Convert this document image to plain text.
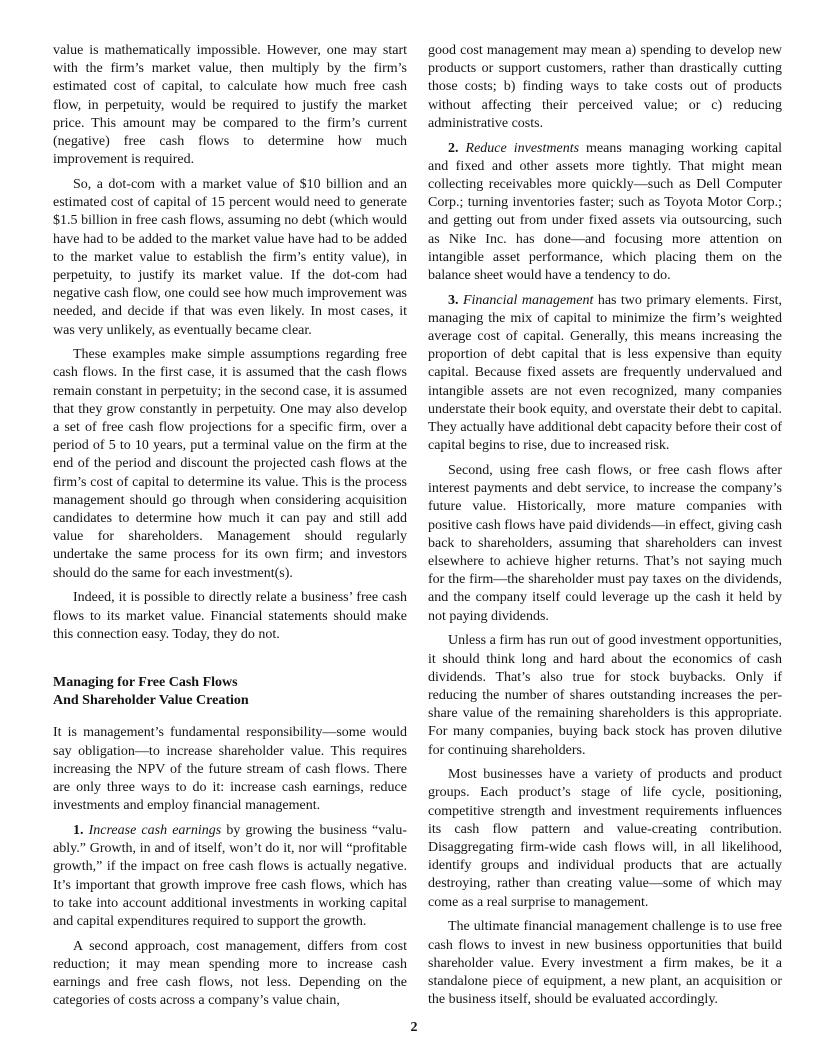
value is mathematically impossible. However, one may start with the firm’s market value, then multiply by the firm’s estimated cost of capital, to calculate how much free cash flow, in perpetuity, would be required to justify the market price. This amount may be compared to the firm’s current (negative) free cash flows to determine how much improvement is required.

So, a dot-com with a market value of $10 billion and an estimated cost of capital of 15 percent would need to generate $1.5 billion in free cash flows, assuming no debt (which would have had to be added to the market value have had to be added to the market value to establish the firm’s entity value), in perpetuity, to justify its market value. If the dot-com had negative cash flow, one could see how much improvement was needed, and decide if that was even likely. In most cases, it was very unlikely, as eventually became clear.

These examples make simple assumptions regarding free cash flows. In the first case, it is assumed that the cash flows remain constant in perpetuity; in the second case, it is assumed that they grow constantly in perpetuity. One may also develop a set of free cash flow projections for a specific firm, over a period of 5 to 10 years, put a terminal value on the firm at the end of the period and discount the projected cash flows at the firm’s cost of capital to determine its value. This is the process management should go through when considering acquisition candidates to determine how much it can pay and still add value for shareholders. Management should regularly undertake the same process for its own firm; and investors should do the same for each investment(s).

Indeed, it is possible to directly relate a business’ free cash flows to its market value. Financial statements should make this connection easy. Today, they do not.

Managing for Free Cash Flows
And Shareholder Value Creation

It is management’s fundamental responsibility—some would say obligation—to increase shareholder value. This requires increasing the NPV of the future stream of cash flows. There are only three ways to do it: increase cash earnings, reduce investments and employ financial management.

1. Increase cash earnings by growing the business “valuably.” Growth, in and of itself, won’t do it, nor will “profitable growth,” if the impact on free cash flows is actually negative. It’s important that growth improve free cash flows, which has to take into account additional investments in working capital and capital expenditures required to support the growth.

A second approach, cost management, differs from cost reduction; it may mean spending more to increase cash earnings and free cash flows, not less. Depending on the categories of costs across a company’s value chain,

good cost management may mean a) spending to develop new products or support customers, rather than drastically cutting those costs; b) finding ways to take costs out of products without affecting their perceived value; or c) reducing administrative costs.

2. Reduce investments means managing working capital and fixed and other assets more tightly. That might mean collecting receivables more quickly—such as Dell Computer Corp.; turning inventories faster; such as Toyota Motor Corp.; and getting out from under fixed assets via outsourcing, such as Nike Inc. has done—and focusing more attention on intangible asset performance, which placing them on the balance sheet would have a tendency to do.

3. Financial management has two primary elements. First, managing the mix of capital to minimize the firm’s weighted average cost of capital. Generally, this means increasing the proportion of debt capital that is less expensive than equity capital. Because fixed assets are frequently undervalued and intangible assets are not even recognized, many companies understate their book equity, and overstate their debt to capital. They actually have additional debt capacity before their cost of capital begins to rise, due to increased risk.

Second, using free cash flows, or free cash flows after interest payments and debt service, to increase the company’s future value. Historically, more mature companies with positive cash flows have paid dividends—in effect, giving cash back to shareholders, assuming that shareholders can invest elsewhere to achieve higher returns. That’s not saying much for the firm—the shareholder must pay taxes on the dividends, and the company itself could leverage up the cash it held by not paying dividends.

Unless a firm has run out of good investment opportunities, it should think long and hard about the economics of cash dividends. That’s also true for stock buybacks. Only if reducing the number of shares outstanding increases the per-share value of the remaining shareholders is this appropriate. For many companies, buying back stock has proven dilutive for continuing shareholders.

Most businesses have a variety of products and product groups. Each product’s stage of life cycle, positioning, competitive strength and investment requirements influences its cash flow pattern and value-creating contribution. Disaggregating firm-wide cash flows will, in all likelihood, identify groups and individual products that are actually destroying, rather than creating value—some of which may come as a real surprise to management.

The ultimate financial management challenge is to use free cash flows to invest in new business opportunities that build shareholder value. Every investment a firm makes, be it a standalone piece of equipment, a new plant, an acquisition or the business itself, should be evaluated accordingly.

2
